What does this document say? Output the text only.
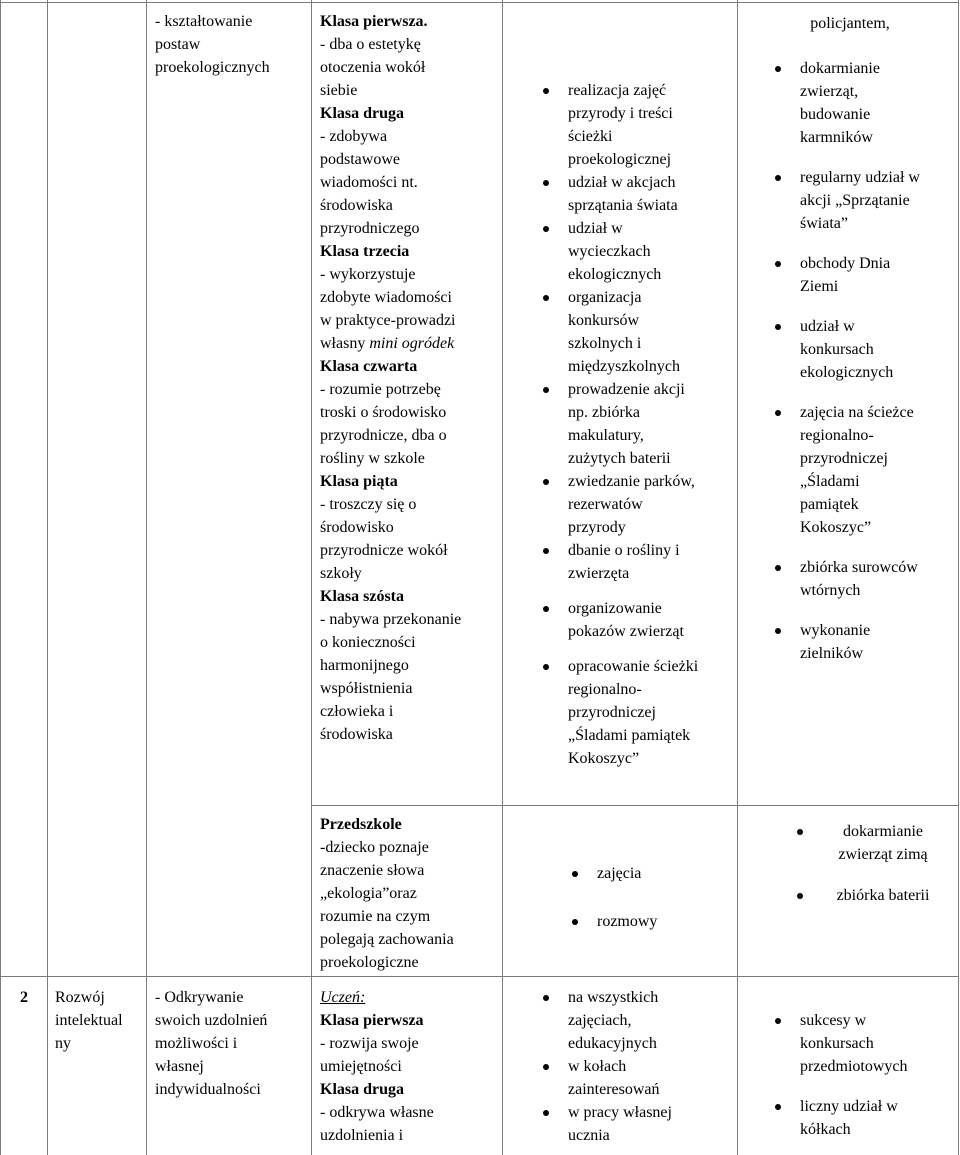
- kształtowanie
postaw
proekologicznych
Klasa pierwsza.
- dba o estetykę
otoczenia wokół
siebie
Klasa druga
- zdobywa
podstawowe
wiadomości nt.
środowiska
przyrodniczego
Klasa trzecia
- wykorzystuje
zdobyte wiadomości
w praktyce-prowadzi
własny mini ogródek
Klasa czwarta
- rozumie potrzebę
troski o środowisko
przyrodnicze, dba o
rośliny w szkole
Klasa piąta
- troszczy się o
środowisko
przyrodnicze wokół
szkoły
Klasa szósta
- nabywa przekonanie
o konieczności
harmonijnego
współistnienia
człowieka i
środowiska
realizacja zajęć
przyrody i treści
ścieżki
proekologicznej
udział w akcjach
sprzątania świata
udział w
wycieczkach
ekologicznych
organizacja
konkursów
szkolnych i
międzyszkolnych
prowadzenie akcji
np. zbiórka
makulatury,
zużytych baterii
zwiedzanie parków,
rezerwatów
przyrody
dbanie o rośliny i
zwierzęta
organizowanie
pokazów zwierząt
opracowanie ścieżki
regionalno-
przyrodniczej
„Śladami pamiątek
Kokoszyc”
policjantem,
dokarmianie
zwierząt,
budowanie
karmników
regularny udział w
akcji „Sprzątanie
świata”
obchody Dnia
Ziemi
udział w
konkursach
ekologicznych
zajęcia na ścieżce
regionalno-
przyrodniczej
„Śladami
pamiątek
Kokoszyc”
zbiórka surowców
wtórnych
wykonanie
zielników
Przedszkole
-dziecko poznaje
znaczenie słowa
„ekologia”oraz
rozumie na czym
polegają zachowania
proekologiczne
zajęcia
rozmowy
dokarmianie
zwierząt zimą
zbiórka baterii
2	Rozwój
intelektual
ny
- Odkrywanie
swoich uzdolnień
możliwości i
własnej
indywidualności
Uczeń:
Klasa pierwsza
- rozwija swoje
umiejętności
Klasa druga
- odkrywa własne
uzdolnienia i
na wszystkich
zajęciach,
edukacyjnych
w kołach
zainteresowań
w pracy własnej
ucznia
sukcesy w
konkursach
przedmiotowych
liczny udział w
kółkach
